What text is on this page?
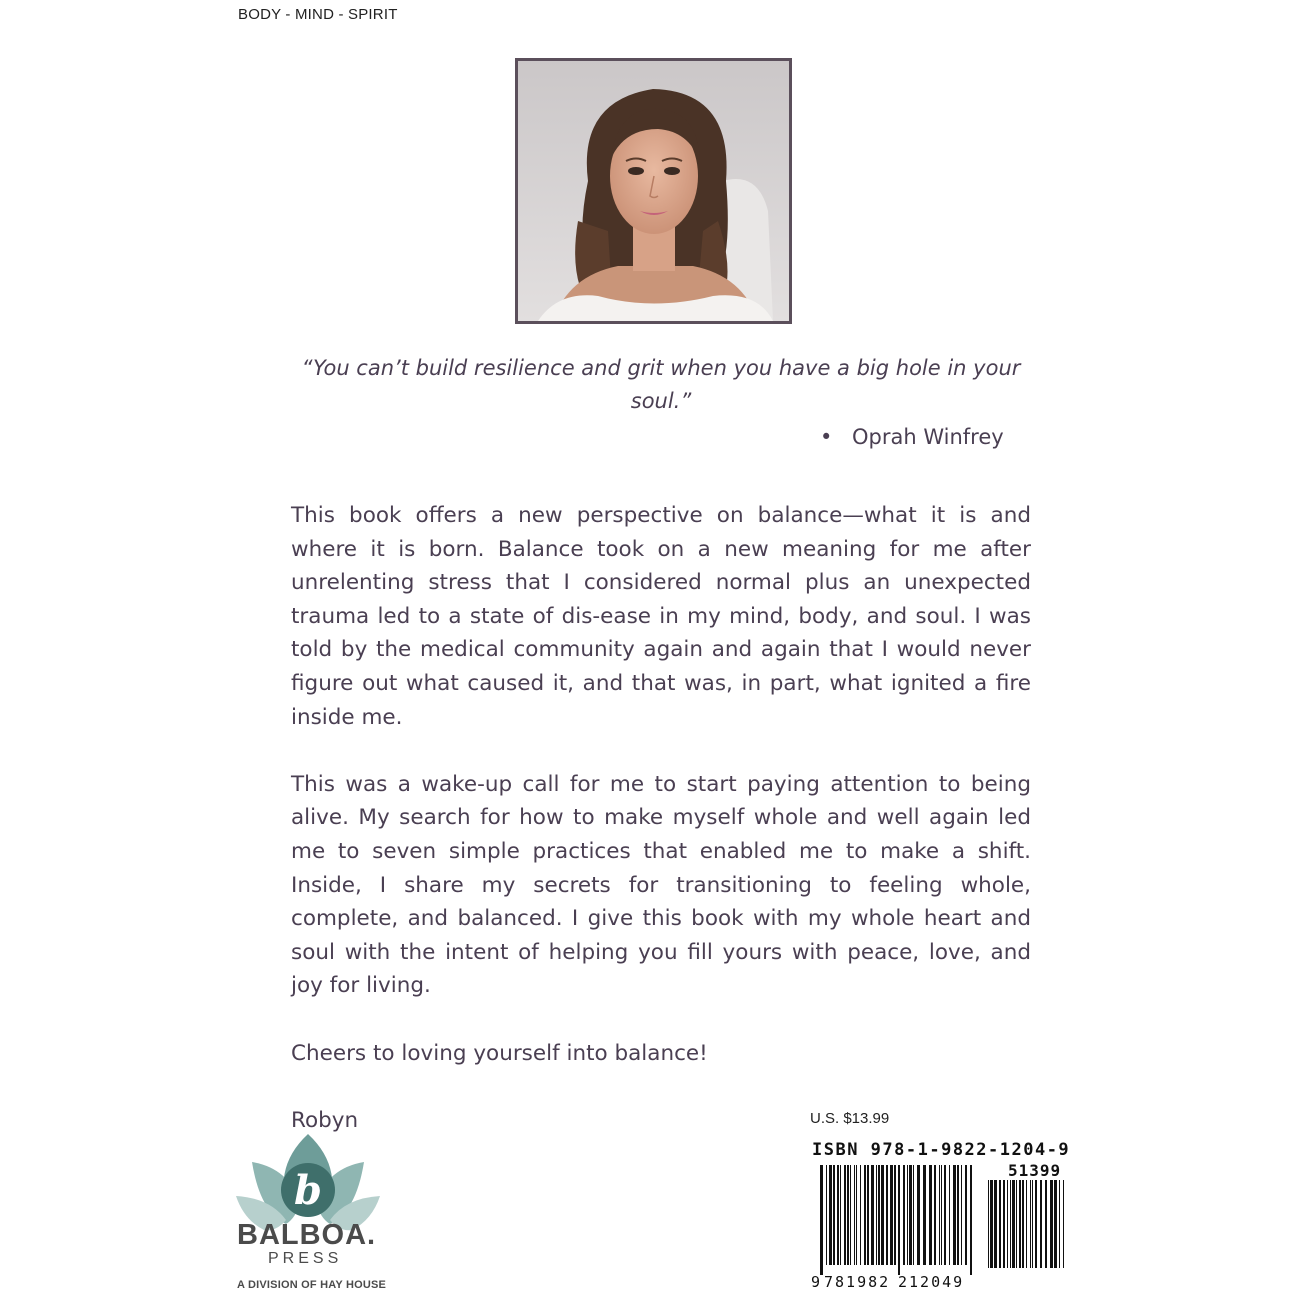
BODY - MIND - SPIRIT
“You can’t build resilience and grit when you have a big hole in your soul.”
• Oprah Winfrey

This book offers a new perspective on balance—what it is and where it is born. Balance took on a new meaning for me after unrelenting stress that I considered normal plus an unexpected trauma led to a state of dis-ease in my mind, body, and soul. I was told by the medical community again and again that I would never figure out what caused it, and that was, in part, what ignited a fire inside me.

This was a wake-up call for me to start paying attention to being alive. My search for how to make myself whole and well again led me to seven simple practices that enabled me to make a shift. Inside, I share my secrets for transitioning to feeling whole, complete, and balanced. I give this book with my whole heart and soul with the intent of helping you fill yours with peace, love, and joy for living.

Cheers to loving yourself into balance!

Robyn

b
BALBOA.
PRESS
A DIVISION OF HAY HOUSE
U.S. $13.99
ISBN 978-1-9822-1204-9
9 781982 212049
51399
